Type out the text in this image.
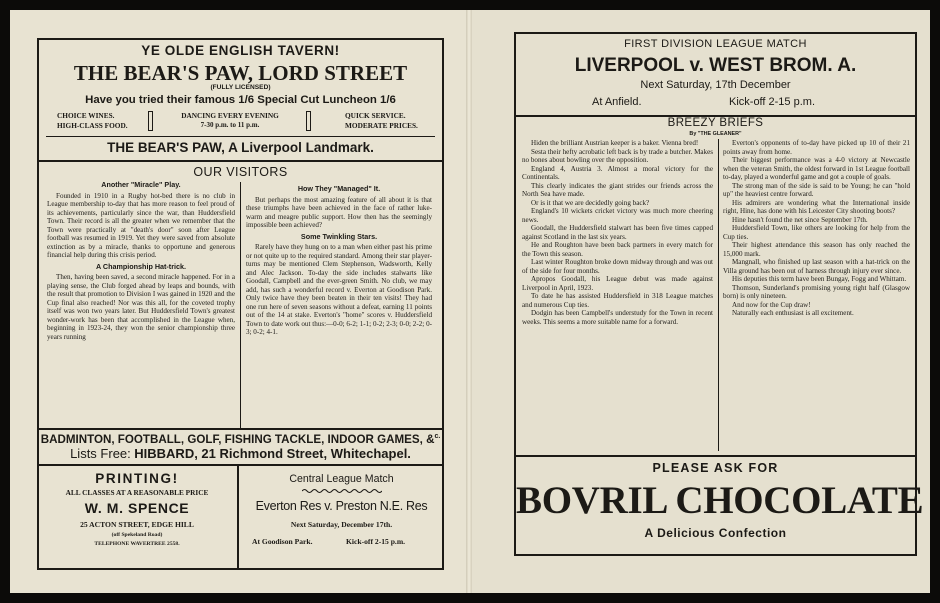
YE OLDE ENGLISH TAVERN!
THE BEAR'S PAW, LORD STREET
(FULLY LICENSED)
Have you tried their famous 1/6 Special Cut Luncheon 1/6
CHOICE WINES.
HIGH-CLASS FOOD.
DANCING EVERY EVENING
7-30 p.m. to 11 p.m.
QUICK SERVICE.
MODERATE PRICES.
THE BEAR'S PAW, A Liverpool Landmark.
OUR VISITORS
Another "Miracle" Play.

Founded in 1910 in a Rugby hot-bed there is no club in League membership to-day that has more reason to feel proud of its achievements, particularly since the war, than Huddersfield Town. Their record is all the greater when we remember that the Town were practically at "death's door" soon after League football was resumed in 1919. Yet they were saved from absolute extinction as by a miracle, thanks to opportune and generous financial help during this crisis period.

A Championship Hat-trick.

Then, having been saved, a second miracle happened. For in a playing sense, the Club forged ahead by leaps and bounds, with the result that promotion to Division I was gained in 1920 and the Cup final also reached! Nor was this all, for the coveted trophy itself was won two years later. But Huddersfield Town's greatest wonder-work has been that accomplished in the League when, beginning in 1923-24, they won the senior championship three years running

How They "Managed" It.

But perhaps the most amazing feature of all about it is that these triumphs have been achieved in the face of rather luke-warm and meagre public support. How then has the seemingly impossible been achieved?

Some Twinkling Stars.

Rarely have they hung on to a man when either past his prime or not quite up to the required standard. Among their star player-turns may be mentioned Clem Stephenson, Wadsworth, Kelly and Alec Jackson. To-day the side includes stalwarts like Goodall, Campbell and the ever-green Smith. No club, we may add, has such a wonderful record v. Everton at Goodison Park. Only twice have they been beaten in their ten visits! They had one run here of seven seasons without a defeat, earning 11 points out of the 14 at stake. Everton's "home" scores v. Huddersfield Town to date work out thus:—0-0; 6-2; 1-1; 0-2; 2-3; 0-0; 2-2; 0-3; 0-2; 4-1.

BADMINTON, FOOTBALL, GOLF, FISHING TACKLE, INDOOR GAMES, &$^{c.}$
Lists Free: HIBBARD, 21 Richmond Street, Whitechapel.
PRINTING!
ALL CLASSES AT A REASONABLE PRICE
W. M. SPENCE
25 ACTON STREET, EDGE HILL
(off Spekeland Road)
TELEPHONE WAVERTREE 2558.
Central League Match
Everton Res v. Preston N.E. Res
Next Saturday, December 17th.
At Goodison Park.	Kick-off 2-15 p.m.
FIRST DIVISION LEAGUE MATCH
LIVERPOOL v. WEST BROM. A.
Next Saturday, 17th December
At Anfield.	Kick-off 2-15 p.m.
BREEZY BRIEFS
By "THE GLEANER"

Hiden the brilliant Austrian keeper is a baker. Vienna bred!

Sesta their hefty acrobatic left back is by trade a butcher. Makes no bones about bowling over the opposition.

England 4, Austria 3. Almost a moral victory for the Continentals.

This clearly indicates the giant strides our friends across the North Sea have made.

Or is it that we are decidedly going back?

England's 10 wickets cricket victory was much more cheering news.

Goodall, the Huddersfield stalwart has been five times capped against Scotland in the last six years.

He and Roughton have been back partners in every match for the Town this season.

Last winter Roughton broke down midway through and was out of the side for four months.

Apropos Goodall, his League debut was made against Liverpool in April, 1923.

To date he has assisted Huddersfield in 318 League matches and numerous Cup ties.

Dodgin has been Campbell's understudy for the Town in recent weeks. This seems a more suitable name for a forward.

Everton's opponents of to-day have picked up 10 of their 21 points away from home.

Their biggest performance was a 4-0 victory at Newcastle when the veteran Smith, the oldest forward in 1st League football to-day, played a wonderful game and got a couple of goals.

The strong man of the side is said to be Young; he can "hold up" the heaviest centre forward.

His admirers are wondering what the International inside right, Hine, has done with his Leicester City shooting boots?

Hine hasn't found the net since September 17th.

Huddersfield Town, like others are looking for help from the Cup ties.

Their highest attendance this season has only reached the 15,000 mark.

Mangnall, who finished up last season with a hat-trick on the Villa ground has been out of harness through injury ever since.

His deputies this term have been Bungay, Fogg and Whittam.

Thomson, Sunderland's promising young right half (Glasgow born) is only nineteen.

And now for the Cup draw!

Naturally each enthusiast is all excitement.

PLEASE ASK FOR
BOVRIL CHOCOLATE
A Delicious Confection
